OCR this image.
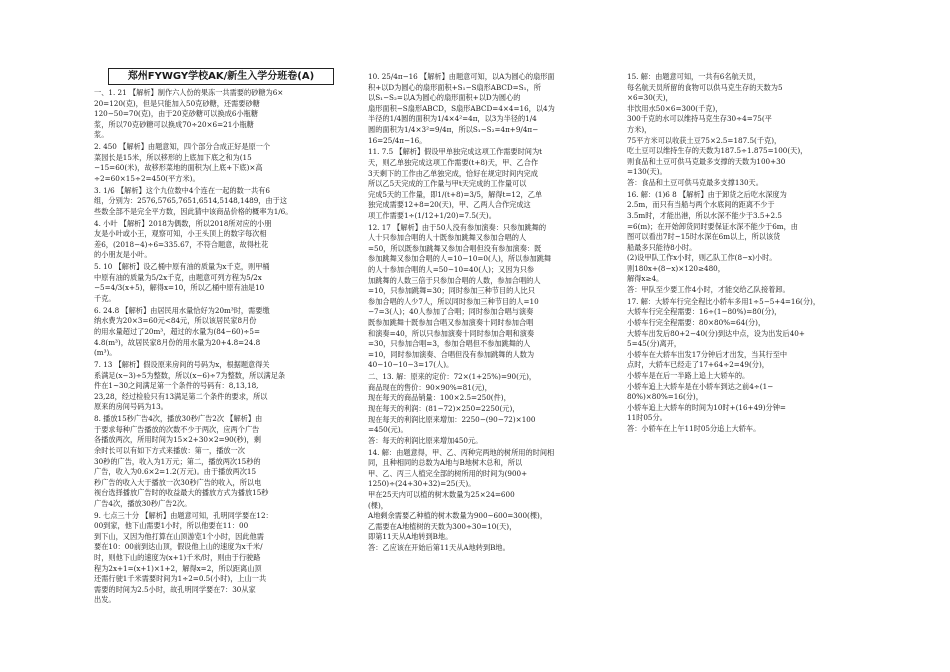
郑州FYWGY学校AK/新生入学分班卷(A)
一、1. 21 【解析】制作六人份的果冻一共需要的砂糖为6×
20=120(克)，但是只能加入50克砂糖，还需要砂糖
120−50=70(克)，由于20克砂糖可以换成6小瓶糖
浆，所以70克砂糖可以换成70÷20×6=21小瓶糖
浆。
2. 450 【解析】由题意知，四个部分合成正好是原一个
菜园长是15米，所以移形的上底加下底之和为(15
−15=60(米)，故移形菜地的面积为(上底+下底)×高
÷2=60×15÷2=450(平方米)。
3. 1/6 【解析】这个九位数中4个连在一起的数一共有6
组，分别为：2576,5765,7651,6514,5148,1489，由于这
些数全部不是完全平方数，因此猜中该商品价格的概率为1/6。
4. 小叶 【解析】2018为偶数，所以2018所对应的小朋
友是小叶或小王，观察可知，小王头顶上的数字每次相
差6，(2018−4)÷6=335.67，不符合题意，故得杜花
的小朋友是小叶。
5. 10 【解析】设乙桶中原有油的质量为x千克，则甲桶
中原有油的质量为5/2x千克，由题意可列方程为5/2x
−5=4/3(x+5)，解得x=10，所以乙桶中原有油是10
千克。
6. 24.8 【解析】由居民用水量恰好为20m³时，需要缴
纳水费为20×3=60元<84元，所以该居民家8月份
的用水量超过了20m³，超过的水量为(84−60)÷5=
4.8(m³)，故居民家8月份的用水量为20+4.8=24.8
(m³)。
7. 13 【解析】假设原来房间的号码为x，根据题意得关
系满足(x−3)÷5为整数，所以(x−6)÷7为整数，所以满足条
件在1~30之间满足第一个条件的号码有：8,13,18,
23,28，经过检验只有13满足第二个条件的要求，所以
原来的房间号码为13。
8. 播放15秒广告4次，播放30秒广告2次 【解析】由
于要求每种广告播放的次数不少于两次，应两个广告
各播放两次，所用时间为15×2+30×2=90(秒)，剩
余时长可以有如下方式来播放：第一，播放一次
30秒的广告，收入为1万元；第二，播放两次15秒的
广告，收入为0.6×2=1.2(万元)。由于播放两次15
秒广告的收入大于播放一次30秒广告的收入，所以电
视台选择播放广告时的收益最大的播放方式为播放15秒
广告4次，播放30秒广告2次。
9. 七点三十分 【解析】由题意可知，孔明同学要在12：
00到家，他下山需要1小时，所以他要在11：00
到下山，又因为他打算在山顶游览1个小时，因此他需
要在10：00前到达山顶，假设他上山的速度为x千米/
时，则他下山的速度为(x+1)千米/时，则由于行驶路
程为2x+1=(x+1)×1+2，解得x=2，所以距离山顶
还需行驶1千米需要时间为1÷2=0.5(小时)，上山一共
需要的时间为2.5小时，故孔明同学要在7：30从家
出发。
10. 25/4π−16 【解析】由题意可知，以A为圆心的扇形面
积+以D为圆心的扇形面积+S₁−S扇形ABCD=S₁，所
以S₁−S₂=以A为圆心的扇形面积+以D为圆心的
扇形面积−S扇形ABCD，S扇形ABCD=4×4=16，以4为
半径的1/4圆的面积为1/4×4²=4π，以3为半径的1/4
圆的面积为1/4×3²=9/4π，所以S₁−S₂=4π+9/4π−
16=25/4π−16。
11. 7.5 【解析】假设甲单独完成这项工作需要时间为t
天，则乙单独完成这项工作需要(t+8)天，甲、乙合作
3天剩下的工作由乙单独完成，恰好在规定时间内完成
所以乙5天完成的工作量与甲t天完成的工作量可以
完成5天的工作量，即1/(t+8)=3/5，解得t=12，乙单
独完成需要12+8=20(天)，甲、乙两人合作完成这
项工作需要1÷(1/12+1/20)=7.5(天)。
12. 17 【解析】由于50人没有参加演奏：只参加跳舞的
人十只参加合唱的人十既参加跳舞又参加合唱的人
=50，所以既参加跳舞又参加合唱但没有参加演奏：既
参加跳舞又参加合唱的人=10−10=0(人)，所以参加跳舞
的人十参加合唱的人=50−10=40(人)；又因为只参
加跳舞的人数三倍于只参加合唱的人数，参加合唱的人
=10，只参加跳舞=30；同时参加三种节目的人比只
参加合唱的人少7人，所以同时参加三种节目的人=10
−7=3(人)；40人参加了合唱；同时参加合唱与演奏
既参加跳舞十既参加合唱又参加演奏十同时参加合唱
和演奏=40，所以只参加演奏十同时参加合唱和演奏
=30，只参加合唱=3，参加合唱但不参加跳舞的人
=10，同时参加演奏、合唱但没有参加跳舞的人数为
40−10−10−3=17(人)。
二、13. 解：原来的定价：72×(1+25%)=90(元)，
商品现在的售价：90×90%=81(元)，
现在每天的商品销量：100×2.5=250(件)，
现在每天的利润：(81−72)×250=2250(元)，
现在每天的利润比原来增加：2250−(90−72)×100
=450(元)。
答：每天的利润比原来增加450元。
14. 解：由题意得，甲、乙、丙种完两地的树所用的时间相
同，且种相同的总数为A地与B地树木总和，所以
甲、乙、丙三人植完全部的树所用的时间为(900+
1250)÷(24+30+32)=25(天)。
甲在25天内可以植的树木数量为25×24=600
(棵)，
A地剩余需要乙种植的树木数量为900−600=300(棵)，
乙需要在A地植树的天数为300÷30=10(天)，
即第11天从A地转到B地。
答：乙应该在开始后第11天从A地转到B地。
15. 解：由题意可知，一共有6名航天员，
每名航天员所留的食物可以供马克生存的天数为5
×6=30(天)，
非饮用水50×6=300(千克)，
300千克的水可以维持马克生存30÷4=75(平
方米)，
75平方米可以收获土豆75×2.5=187.5(千克)，
吃土豆可以维持生存的天数为187.5÷1.875=100(天)，
则食品和土豆可供马克最多支撑的天数为100+30
=130(天)。
答：食品和土豆可供马克最多支撑130天。
16. 解：(1)6 8 【解析】由于卸货之后吃水深度为
2.5m，而只有当船与两个水底间的距离不少于
3.5m时，才能出港，所以水深不能少于3.5+2.5
=6(m)；在开始卸货同时要保证水深不能少于6m，由
图可以看出7时~15时水深在6m以上，所以该货
船最多只能待8小时。
(2)设甲队工作x小时，则乙队工作(8−x)小时。
则180x+(8−x)×120≥480，
解得x≥4。
答：甲队至少要工作4小时，才能交给乙队接着卸。
17. 解：大轿车行完全程比小轿车多用1÷5−5+4=16(分)，
大轿车行完全程需要：16÷(1−80%)=80(分)，
小轿车行完全程需要：80×80%=64(分)，
大轿车出发后80+2−40(分)到达中点，设为出发后40+
5=45(分)离开，
小轿车在大轿车出发17分钟后才出发，当其行至中
点时，大轿车已经走了17+64÷2=49(分)，
小轿车是在后一半路上追上大轿车的。
小轿车追上大轿车是在小轿车到达之前4÷(1−
80%)×80%=16(分)，
小轿车追上大轿车的时间为10时+(16+49)分钟=
11时05分。
答：小轿车在上午11时05分追上大轿车。
